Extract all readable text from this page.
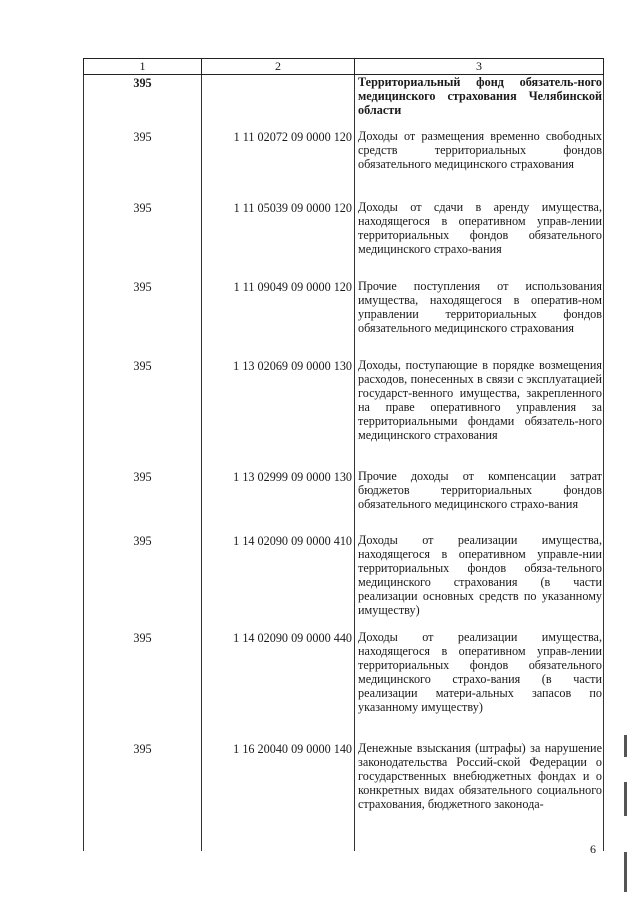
1	2	3
395		Территориальный фонд обязатель-ного медицинского страхования Челябинской области
395	1 11 02072 09 0000 120	Доходы от размещения временно свободных средств территориальных фондов обязательного медицинского страхования
395	1 11 05039 09 0000 120	Доходы от сдачи в аренду имущества, находящегося в оперативном управ-лении территориальных фондов обязательного медицинского страхо-вания
395	1 11 09049 09 0000 120	Прочие поступления от использования имущества, находящегося в оператив-ном управлении территориальных фондов обязательного медицинского страхования
395	1 13 02069 09 0000 130	Доходы, поступающие в порядке возмещения расходов, понесенных в связи с эксплуатацией государст-венного имущества, закрепленного на праве оперативного управления за территориальными фондами обязатель-ного медицинского страхования
395	1 13 02999 09 0000 130	Прочие доходы от компенсации затрат бюджетов территориальных фондов обязательного медицинского страхо-вания
395	1 14 02090 09 0000 410	Доходы от реализации имущества, находящегося в оперативном управле-нии территориальных фондов обяза-тельного медицинского страхования (в части реализации основных средств по указанному имуществу)
395	1 14 02090 09 0000 440	Доходы от реализации имущества, находящегося в оперативном управ-лении территориальных фондов обязательного медицинского страхо-вания (в части реализации матери-альных запасов по указанному имуществу)
395	1 16 20040 09 0000 140	Денежные взыскания (штрафы) за нарушение законодательства Россий-ской Федерации о государственных внебюджетных фондах и о конкретных видах обязательного социального страхования, бюджетного законода-
6
